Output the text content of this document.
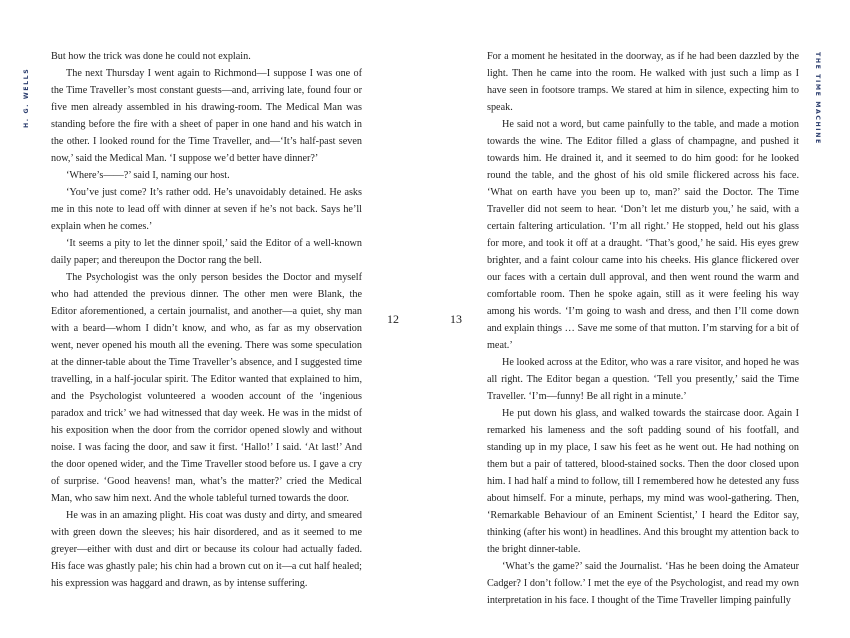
H. G. WELLS

But how the trick was done he could not explain.

The next Thursday I went again to Richmond—I suppose I was one of the Time Traveller’s most constant guests—and, arriving late, found four or five men already assembled in his drawing-room. The Medical Man was standing before the fire with a sheet of paper in one hand and his watch in the other. I looked round for the Time Traveller, and—‘It’s half-past seven now,’ said the Medical Man. ‘I suppose we’d better have dinner?’

‘Where’s——?’ said I, naming our host.

‘You’ve just come? It’s rather odd. He’s unavoidably detained. He asks me in this note to lead off with dinner at seven if he’s not back. Says he’ll explain when he comes.’

‘It seems a pity to let the dinner spoil,’ said the Editor of a well-known daily paper; and thereupon the Doctor rang the bell.

The Psychologist was the only person besides the Doctor and myself who had attended the previous dinner. The other men were Blank, the Editor aforementioned, a certain journalist, and another—a quiet, shy man with a beard—whom I didn’t know, and who, as far as my observation went, never opened his mouth all the evening. There was some speculation at the dinner-table about the Time Traveller’s absence, and I suggested time travelling, in a half-jocular spirit. The Editor wanted that explained to him, and the Psychologist volunteered a wooden account of the ‘ingenious paradox and trick’ we had witnessed that day week. He was in the midst of his exposition when the door from the corridor opened slowly and without noise. I was facing the door, and saw it first. ‘Hallo!’ I said. ‘At last!’ And the door opened wider, and the Time Traveller stood before us. I gave a cry of surprise. ‘Good heavens! man, what’s the matter?’ cried the Medical Man, who saw him next. And the whole tableful turned towards the door.

He was in an amazing plight. His coat was dusty and dirty, and smeared with green down the sleeves; his hair disordered, and as it seemed to me greyer—either with dust and dirt or because its colour had actually faded. His face was ghastly pale; his chin had a brown cut on it—a cut half healed; his expression was haggard and drawn, as by intense suffering.

12	13

For a moment he hesitated in the doorway, as if he had been dazzled by the light. Then he came into the room. He walked with just such a limp as I have seen in footsore tramps. We stared at him in silence, expecting him to speak.

He said not a word, but came painfully to the table, and made a motion towards the wine. The Editor filled a glass of champagne, and pushed it towards him. He drained it, and it seemed to do him good: for he looked round the table, and the ghost of his old smile flickered across his face. ‘What on earth have you been up to, man?’ said the Doctor. The Time Traveller did not seem to hear. ‘Don’t let me disturb you,’ he said, with a certain faltering articulation. ‘I’m all right.’ He stopped, held out his glass for more, and took it off at a draught. ‘That’s good,’ he said. His eyes grew brighter, and a faint colour came into his cheeks. His glance flickered over our faces with a certain dull approval, and then went round the warm and comfortable room. Then he spoke again, still as it were feeling his way among his words. ‘I’m going to wash and dress, and then I’ll come down and explain things … Save me some of that mutton. I’m starving for a bit of meat.’

He looked across at the Editor, who was a rare visitor, and hoped he was all right. The Editor began a question. ‘Tell you presently,’ said the Time Traveller. ‘I’m—funny! Be all right in a minute.’

He put down his glass, and walked towards the staircase door. Again I remarked his lameness and the soft padding sound of his footfall, and standing up in my place, I saw his feet as he went out. He had nothing on them but a pair of tattered, blood-stained socks. Then the door closed upon him. I had half a mind to follow, till I remembered how he detested any fuss about himself. For a minute, perhaps, my mind was wool-gathering. Then, ‘Remarkable Behaviour of an Eminent Scientist,’ I heard the Editor say, thinking (after his wont) in headlines. And this brought my attention back to the bright dinner-table.

‘What’s the game?’ said the Journalist. ‘Has he been doing the Amateur Cadger? I don’t follow.’ I met the eye of the Psychologist, and read my own interpretation in his face. I thought of the Time Traveller limping painfully

THE TIME MACHINE
